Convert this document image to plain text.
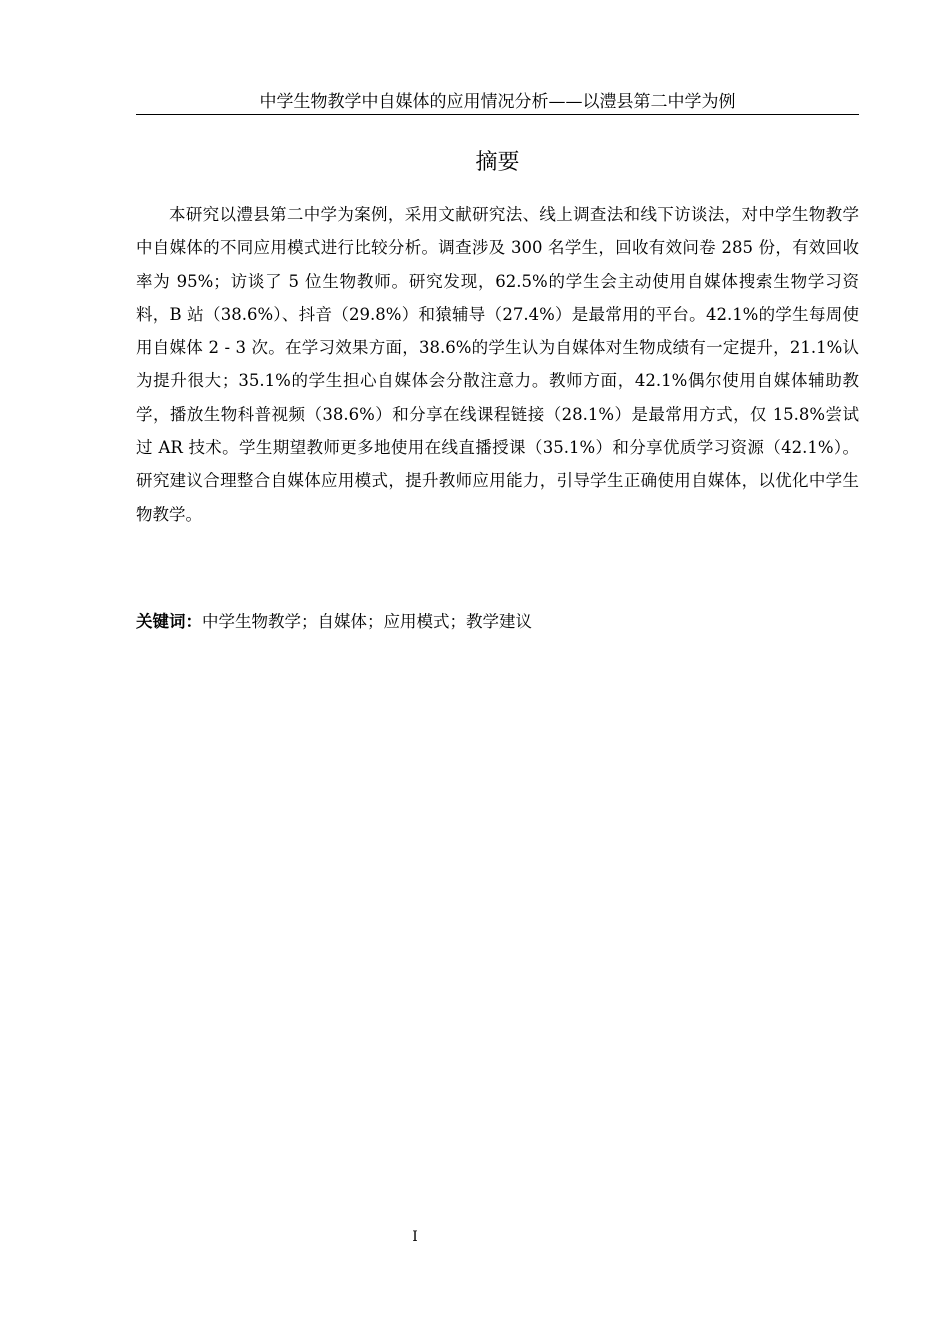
中学生物教学中自媒体的应用情况分析——以澧县第二中学为例
摘要

本研究以澧县第二中学为案例，采用文献研究法、线上调查法和线下访谈法，对中学生物教学中自媒体的不同应用模式进行比较分析。调查涉及 300 名学生，回收有效问卷 285 份，有效回收率为 95%；访谈了 5 位生物教师。研究发现，62.5%的学生会主动使用自媒体搜索生物学习资料，B 站（38.6%）、抖音（29.8%）和猿辅导（27.4%）是最常用的平台。42.1%的学生每周使用自媒体 2 - 3 次。在学习效果方面，38.6%的学生认为自媒体对生物成绩有一定提升，21.1%认为提升很大；35.1%的学生担心自媒体会分散注意力。教师方面，42.1%偶尔使用自媒体辅助教学，播放生物科普视频（38.6%）和分享在线课程链接（28.1%）是最常用方式，仅 15.8%尝试过 AR 技术。学生期望教师更多地使用在线直播授课（35.1%）和分享优质学习资源（42.1%）。研究建议合理整合自媒体应用模式，提升教师应用能力，引导学生正确使用自媒体，以优化中学生物教学。

关键词：中学生物教学；自媒体；应用模式；教学建议
I
